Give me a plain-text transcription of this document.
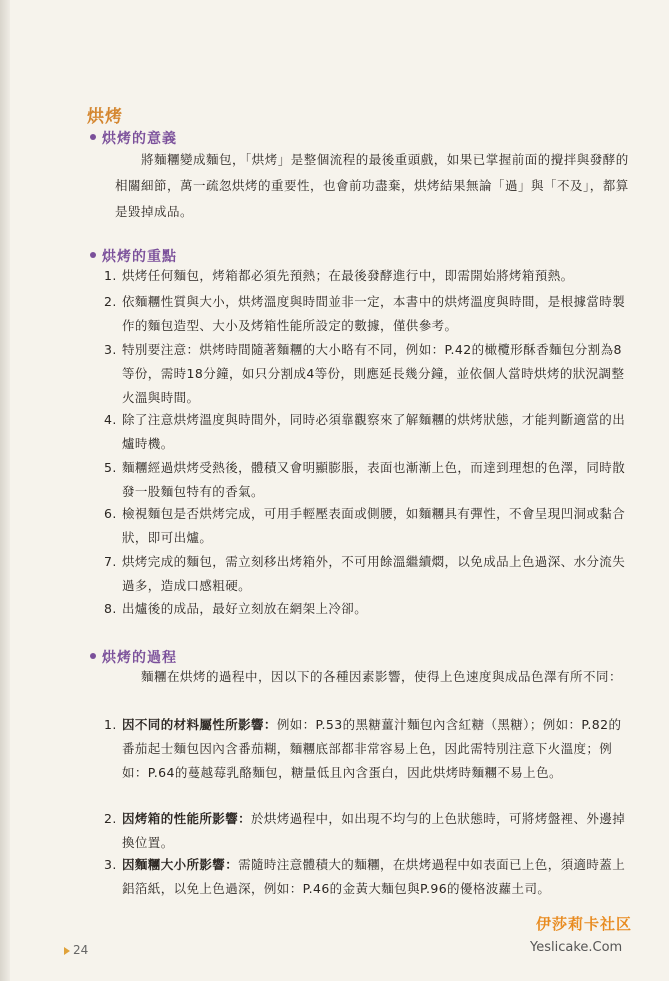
烘烤
烘烤的意義
將麵糰變成麵包，「烘烤」是整個流程的最後重頭戲，如果已掌握前面的攪拌與發酵的相關細節，萬一疏忽烘烤的重要性，也會前功盡棄，烘烤結果無論「過」與「不及」，都算是毀掉成品。
烘烤的重點
1. 烘烤任何麵包，烤箱都必須先預熱；在最後發酵進行中，即需開始將烤箱預熱。
2. 依麵糰性質與大小，烘烤溫度與時間並非一定，本書中的烘烤溫度與時間，是根據當時製作的麵包造型、大小及烤箱性能所設定的數據，僅供參考。
3. 特別要注意：烘烤時間隨著麵糰的大小略有不同，例如：P.42的橄欖形酥香麵包分割為8等份，需時18分鐘，如只分割成4等份，則應延長幾分鐘，並依個人當時烘烤的狀況調整火溫與時間。
4. 除了注意烘烤溫度與時間外，同時必須靠觀察來了解麵糰的烘烤狀態，才能判斷適當的出爐時機。
5. 麵糰經過烘烤受熱後，體積又會明顯膨脹，表面也漸漸上色，而達到理想的色澤，同時散發一股麵包特有的香氣。
6. 檢視麵包是否烘烤完成，可用手輕壓表面或側腰，如麵糰具有彈性，不會呈現凹洞或黏合狀，即可出爐。
7. 烘烤完成的麵包，需立刻移出烤箱外，不可用餘溫繼續燜，以免成品上色過深、水分流失過多，造成口感粗硬。
8. 出爐後的成品，最好立刻放在網架上冷卻。
烘烤的過程
麵糰在烘烤的過程中，因以下的各種因素影響，使得上色速度與成品色澤有所不同：
1. 因不同的材料屬性所影響：例如：P.53的黑糖薑汁麵包內含紅糖（黑糖）；例如：P.82的番茄起士麵包因內含番茄糊，麵糰底部都非常容易上色，因此需特別注意下火溫度；例如：P.64的蔓越莓乳酪麵包，糖量低且內含蛋白，因此烘烤時麵糰不易上色。
2. 因烤箱的性能所影響：於烘烤過程中，如出現不均勻的上色狀態時，可將烤盤裡、外邊掉換位置。
3. 因麵糰大小所影響：需隨時注意體積大的麵糰，在烘烤過程中如表面已上色，須適時蓋上鋁箔紙，以免上色過深，例如：P.46的金黃大麵包與P.96的優格波蘿土司。
24
伊莎莉卡社区
Yeslicake.Com
